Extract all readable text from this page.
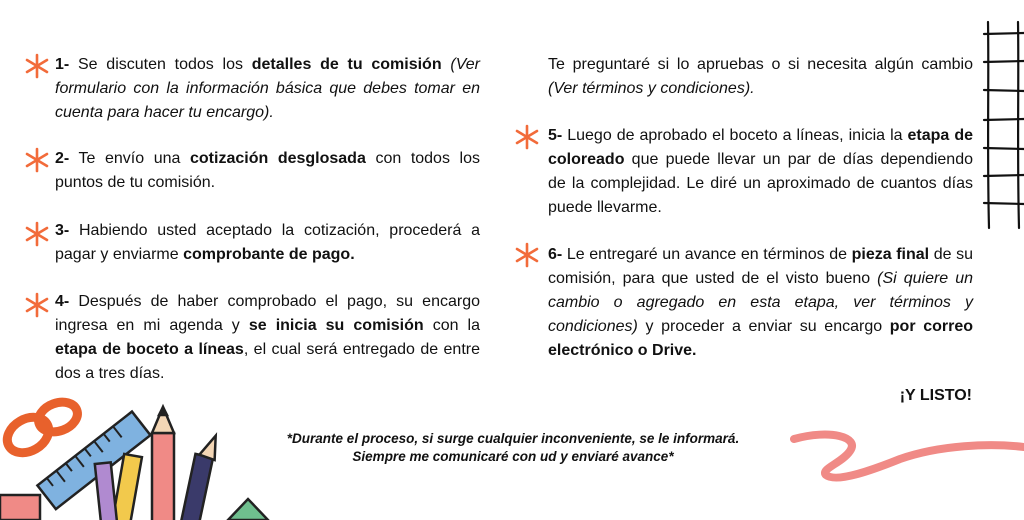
1- Se discuten todos los detalles de tu comisión (Ver formulario con la información básica que debes tomar en cuenta para hacer tu encargo).
2- Te envío una cotización desglosada con todos los puntos de tu comisión.
3- Habiendo usted aceptado la cotización, procederá a pagar y enviarme comprobante de pago.
4- Después de haber comprobado el pago, su encargo ingresa en mi agenda y se inicia su comisión con la etapa de boceto a líneas, el cual será entregado de entre dos a tres días.
Te preguntaré si lo apruebas o si necesita algún cambio (Ver términos y condiciones).
5- Luego de aprobado el boceto a líneas, inicia la etapa de coloreado que puede llevar un par de días dependiendo de la complejidad. Le diré un aproximado de cuantos días puede llevarme.
6- Le entregaré un avance en términos de pieza final de su comisión, para que usted de el visto bueno (Si quiere un cambio o agregado en esta etapa, ver términos y condiciones) y proceder a enviar su encargo por correo electrónico o Drive.
¡Y LISTO!
*Durante el proceso, si surge cualquier inconveniente, se le informará.
Siempre me comunicaré con ud y enviaré avance*
